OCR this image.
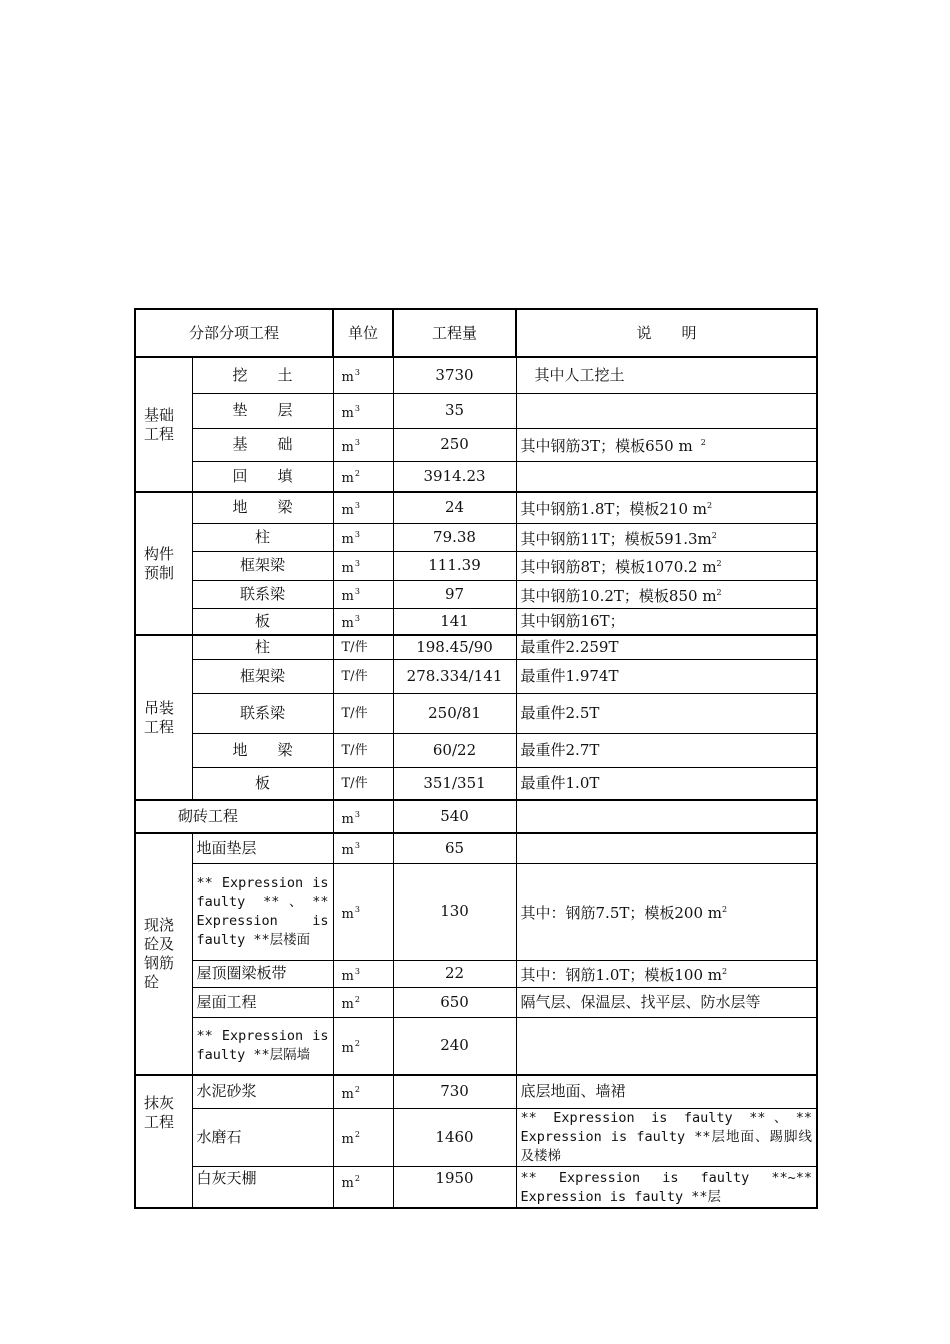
分部分项工程		单位	工程量	说　　明
基础工程	挖　　土	$m^3$	3730	其中人工挖土
	垫　　层	$m^3$	35	
	基　　础	$m^3$	250	其中钢筋3T；模板650 m $^2$
	回　　填	$m^2$	3914.23	
构件预制	地　　梁	$m^3$	24	其中钢筋1.8T；模板210 $m^2$
	柱	$m^3$	79.38	其中钢筋11T；模板$591.3m^2$
	框架梁	$m^3$	111.39	其中钢筋8T；模板1070.2 $m^2$
	联系梁	$m^3$	97	其中钢筋10.2T；模板850 $m^2$
	板	$m^3$	141	其中钢筋16T；
吊装工程	柱	T/件	198.45/90	最重件2.259T
	框架梁	T/件	278.334/141	最重件1.974T
	联系梁	T/件	250/81	最重件2.5T
	地　　梁	T/件	60/22	最重件2.7T
	板	T/件	351/351	最重件1.0T
砌砖工程		$m^3$	540	
现浇砼及钢筋砼	地面垫层	$m^3$	65	
	** Expression is faulty **、** Expression is faulty **层楼面	$m^3$	130	其中：钢筋7.5T；模板200 $m^2$
	屋顶圈梁板带	$m^3$	22	其中：钢筋1.0T；模板100 $m^2$
	屋面工程	$m^2$	650	隔气层、保温层、找平层、防水层等
	** Expression is faulty **层隔墙	$m^2$	240	
抹灰工程	水泥砂浆	$m^2$	730	底层地面、墙裙
	水磨石	$m^2$	1460	** Expression is faulty **、** Expression is faulty **层地面、踢脚线及楼梯
	白灰天棚	$m^2$	1950	** Expression is faulty **~** Expression is faulty **层
